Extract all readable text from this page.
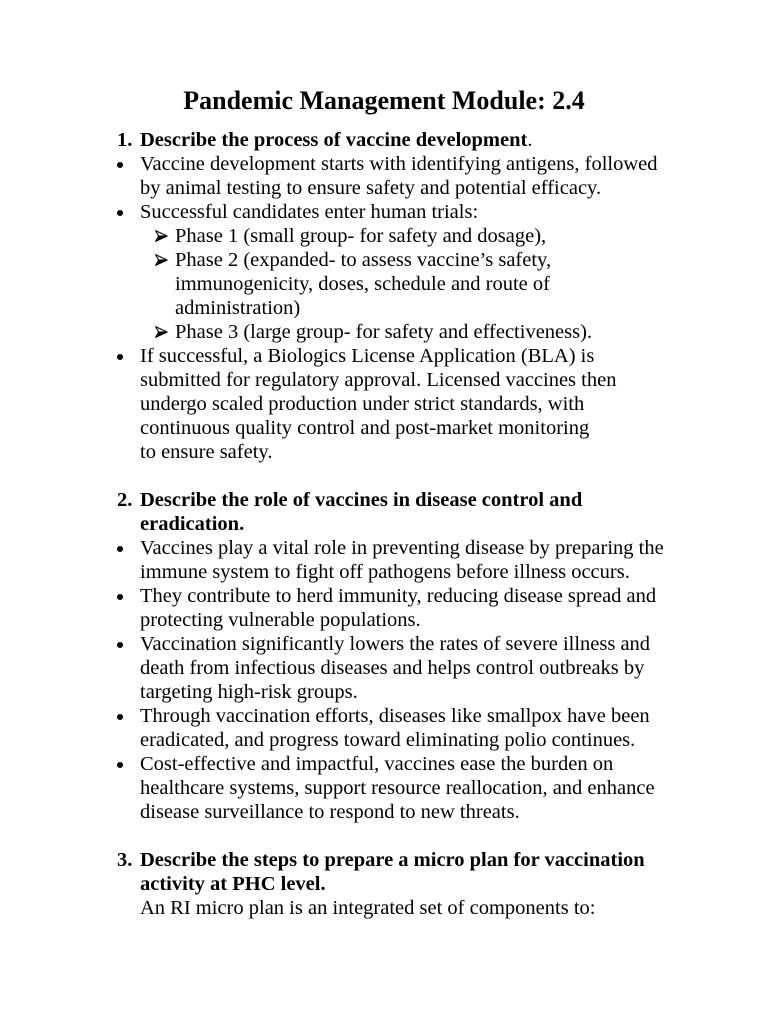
Pandemic Management Module: 2.4
1. Describe the process of vaccine development.
Vaccine development starts with identifying antigens, followed
by animal testing to ensure safety and potential efficacy.
Successful candidates enter human trials:
Phase 1 (small group- for safety and dosage),
Phase 2 (expanded- to assess vaccine’s safety,
immunogenicity, doses, schedule and route of
administration)
Phase 3 (large group- for safety and effectiveness).
If successful, a Biologics License Application (BLA) is
submitted for regulatory approval. Licensed vaccines then
undergo scaled production under strict standards, with
continuous quality control and post-market monitoring
to ensure safety.
2. Describe the role of vaccines in disease control and
eradication.
Vaccines play a vital role in preventing disease by preparing the
immune system to fight off pathogens before illness occurs.
They contribute to herd immunity, reducing disease spread and
protecting vulnerable populations.
Vaccination significantly lowers the rates of severe illness and
death from infectious diseases and helps control outbreaks by
targeting high-risk groups.
Through vaccination efforts, diseases like smallpox have been
eradicated, and progress toward eliminating polio continues.
Cost-effective and impactful, vaccines ease the burden on
healthcare systems, support resource reallocation, and enhance
disease surveillance to respond to new threats.
3. Describe the steps to prepare a micro plan for vaccination
activity at PHC level.
An RI micro plan is an integrated set of components to:
